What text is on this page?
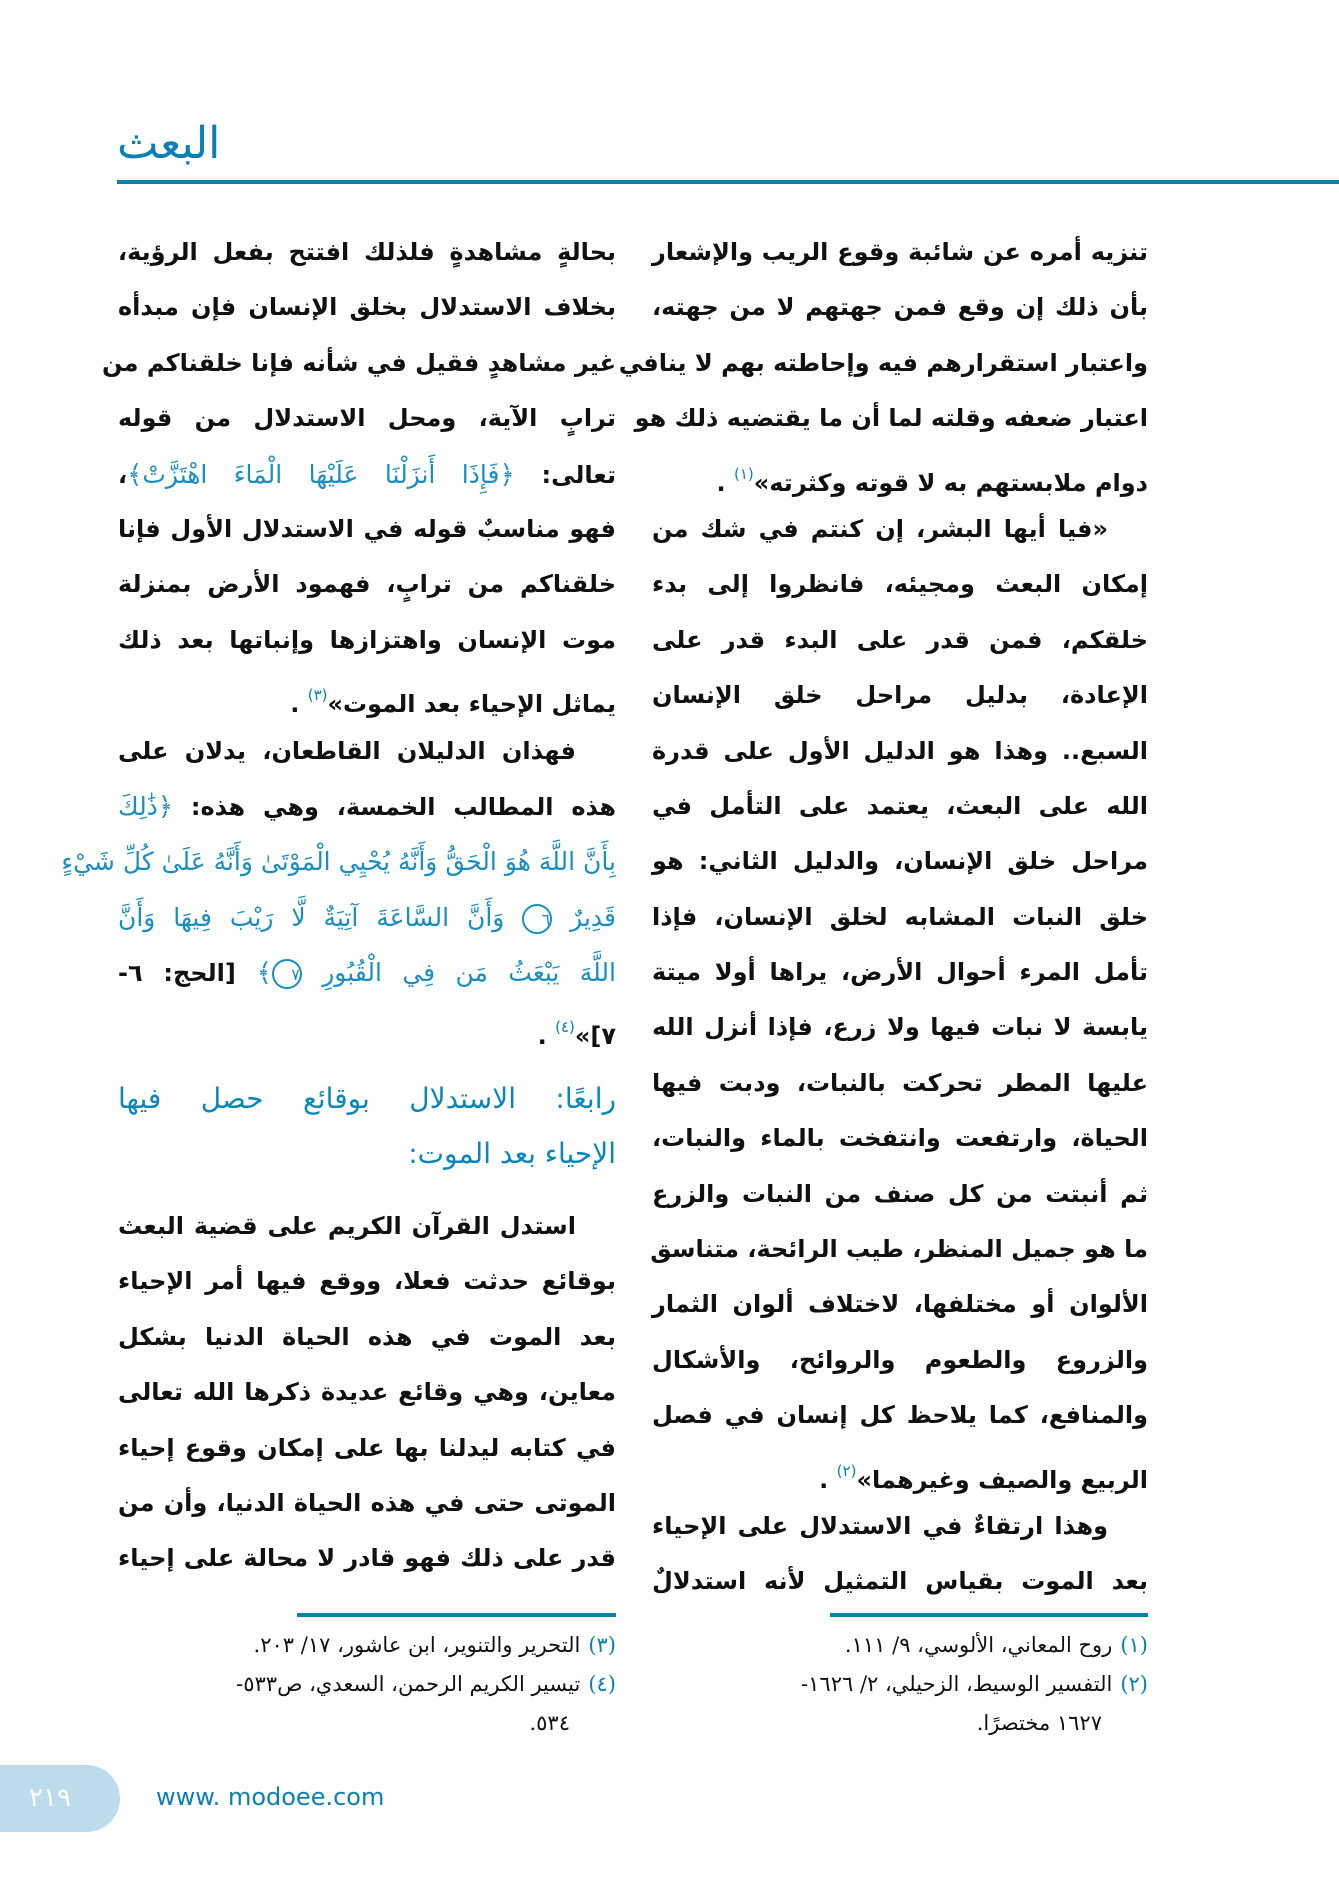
البعث
تنزيه أمره عن شائبة وقوع الريب والإشعار
بأن ذلك إن وقع فمن جهتهم لا من جهته،
واعتبار استقرارهم فيه وإحاطته بهم لا ينافي
اعتبار ضعفه وقلته لما أن ما يقتضيه ذلك هو
دوام ملابستهم به لا قوته وكثرته»$^{(١)}$ .
«فيا أيها البشر، إن كنتم في شك من
إمكان البعث ومجيئه، فانظروا إلى بدء
خلقكم، فمن قدر على البدء قدر على
الإعادة، بدليل مراحل خلق الإنسان
السبع.. وهذا هو الدليل الأول على قدرة
الله على البعث، يعتمد على التأمل في
مراحل خلق الإنسان، والدليل الثاني: هو
خلق النبات المشابه لخلق الإنسان، فإذا
تأمل المرء أحوال الأرض، يراها أولا ميتة
يابسة لا نبات فيها ولا زرع، فإذا أنزل الله
عليها المطر تحركت بالنبات، ودبت فيها
الحياة، وارتفعت وانتفخت بالماء والنبات،
ثم أنبتت من كل صنف من النبات والزرع
ما هو جميل المنظر، طيب الرائحة، متناسق
الألوان أو مختلفها، لاختلاف ألوان الثمار
والزروع والطعوم والروائح، والأشكال
والمنافع، كما يلاحظ كل إنسان في فصل
الربيع والصيف وغيرهما»$^{(٢)}$ .
وهذا ارتقاءٌ في الاستدلال على الإحياء
بعد الموت بقياس التمثيل لأنه استدلالٌ
بحالةٍ مشاهدةٍ فلذلك افتتح بفعل الرؤية،
بخلاف الاستدلال بخلق الإنسان فإن مبدأه
غير مشاهدٍ فقيل في شأنه فإنا خلقناكم من
ترابٍ الآية، ومحل الاستدلال من قوله
تعالى: ﴿فَإِذَا أَنزَلْنَا عَلَيْهَا الْمَاءَ اهْتَزَّتْ﴾،
فهو مناسبٌ قوله في الاستدلال الأول فإنا
خلقناكم من ترابٍ، فهمود الأرض بمنزلة
موت الإنسان واهتزازها وإنباتها بعد ذلك
يماثل الإحياء بعد الموت»$^{(٣)}$ .
فهذان الدليلان القاطعان، يدلان على
هذه المطالب الخمسة، وهي هذه: ﴿ذَٰلِكَ
بِأَنَّ اللَّهَ هُوَ الْحَقُّ وَأَنَّهُ يُحْيِي الْمَوْتَىٰ وَأَنَّهُ عَلَىٰ كُلِّ شَيْءٍ
قَدِيرٌ ٦ وَأَنَّ السَّاعَةَ آتِيَةٌ لَّا رَيْبَ فِيهَا وَأَنَّ
اللَّهَ يَبْعَثُ مَن فِي الْقُبُورِ ٧﴾ [الحج: ٦-
٧]»$^{(٤)}$ .
رابعًا: الاستدلال بوقائع حصل فيها
الإحياء بعد الموت:
استدل القرآن الكريم على قضية البعث
بوقائع حدثت فعلا، ووقع فيها أمر الإحياء
بعد الموت في هذه الحياة الدنيا بشكل
معاين، وهي وقائع عديدة ذكرها الله تعالى
في كتابه ليدلنا بها على إمكان وقوع إحياء
الموتى حتى في هذه الحياة الدنيا، وأن من
قدر على ذلك فهو قادر لا محالة على إحياء
(١)روح المعاني، الألوسي، ٩/ ١١١.
(٢)التفسير الوسيط، الزحيلي، ٢/ ١٦٢٦-
١٦٢٧ مختصرًا.
(٣)التحرير والتنوير، ابن عاشور، ١٧/ ٢٠٣.
(٤)تيسير الكريم الرحمن، السعدي، ص٥٣٣-
٥٣٤.
٢١٩	www. modoee.com
